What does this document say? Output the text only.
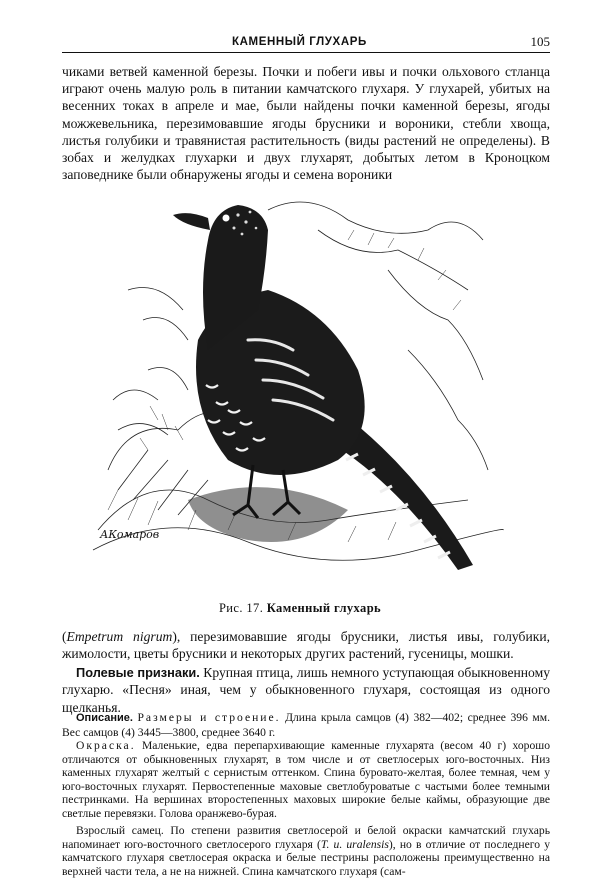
КАМЕННЫЙ ГЛУХАРЬ	105
чиками ветвей каменной березы. Почки и побеги ивы и почки ольхового стланца играют очень малую роль в питании камчатского глухаря. У глухарей, убитых на весенних токах в апреле и мае, были найдены почки каменной березы, ягоды можжевельника, перезимовавшие ягоды брусники и вороники, стебли хвоща, листья голубики и травянистая растительность (виды растений не определены). В зобах и желудках глухарки и двух глухарят, добытых летом в Кроноцком заповеднике были обнаружены ягоды и семена вороники
АКомаров
Рис. 17. Каменный глухарь
(Empetrum nigrum), перезимовавшие ягоды брусники, листья ивы, голубики, жимолости, цветы брусники и некоторых других растений, гусеницы, мошки.
Полевые признаки. Крупная птица, лишь немного уступающая обыкновенному глухарю. «Песня» иная, чем у обыкновенного глухаря, состоящая из одного щелканья.
Описание. Размеры и строение. Длина крыла самцов (4) 382—402; среднее 396 мм. Вес самцов (4) 3445—3800, среднее 3640 г.
Окраска. Маленькие, едва перепархивающие каменные глухарята (весом 40 г) хорошо отличаются от обыкновенных глухарят, в том числе и от светлосерых юго-восточных. Низ каменных глухарят желтый с сернистым оттенком. Спина буровато-желтая, более темная, чем у юго-восточных глухарят. Первостепенные маховые светлобуроватые с частыми более темными пестринками. На вершинах второстепенных маховых широкие белые каймы, образующие две светлые перевязки. Голова оранжево-бурая.
Взрослый самец. По степени развития светлосерой и белой окраски камчатский глухарь напоминает юго-восточного светлосерого глухаря (T. u. uralensis), но в отличие от последнего у камчатского глухаря светлосерая окраска и белые пестрины расположены преимущественно на верхней части тела, а не на нижней. Спина камчатского глухаря (сам-
